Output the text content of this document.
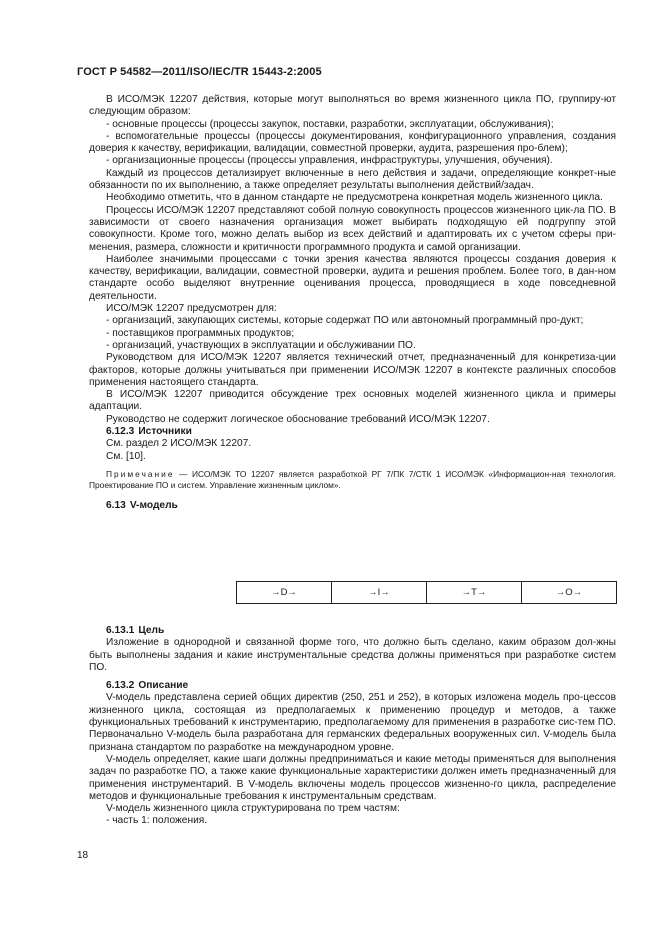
ГОСТ Р 54582—2011/ISO/IEC/TR 15443-2:2005

В ИСО/МЭК 12207 действия, которые могут выполняться во время жизненного цикла ПО, группиру-ют следующим образом:

- основные процессы (процессы закупок, поставки, разработки, эксплуатации, обслуживания);

- вспомогательные процессы (процессы документирования, конфигурационного управления, создания доверия к качеству, верификации, валидации, совместной проверки, аудита, разрешения про-блем);

- организационные процессы (процессы управления, инфраструктуры, улучшения, обучения).

Каждый из процессов детализирует включенные в него действия и задачи, определяющие конкрет-ные обязанности по их выполнению, а также определяет результаты выполнения действий/задач.

Необходимо отметить, что в данном стандарте не предусмотрена конкретная модель жизненного цикла.

Процессы ИСО/МЭК 12207 представляют собой полную совокупность процессов жизненного цик-ла ПО. В зависимости от своего назначения организация может выбирать подходящую ей подгруппу этой совокупности. Кроме того, можно делать выбор из всех действий и адаптировать их с учетом сферы при-менения, размера, сложности и критичности программного продукта и самой организации.

Наиболее значимыми процессами с точки зрения качества являются процессы создания доверия к качеству, верификации, валидации, совместной проверки, аудита и решения проблем. Более того, в дан-ном стандарте особо выделяют внутренние оценивания процесса, проводящиеся в ходе повседневной деятельности.

ИСО/МЭК 12207 предусмотрен для:

- организаций, закупающих системы, которые содержат ПО или автономный программный про-дукт;

- поставщиков программных продуктов;

- организаций, участвующих в эксплуатации и обслуживании ПО.

Руководством для ИСО/МЭК 12207 является технический отчет, предназначенный для конкретиза-ции факторов, которые должны учитываться при применении ИСО/МЭК 12207 в контексте различных способов применения настоящего стандарта.

В ИСО/МЭК 12207 приводится обсуждение трех основных моделей жизненного цикла и примеры адаптации.

Руководство не содержит логическое обоснование требований ИСО/МЭК 12207.

6.12.3 Источники

См. раздел 2 ИСО/МЭК 12207.

См. [10].

Примечание — ИСО/МЭК ТО 12207 является разработкой РГ 7/ПК 7/СТК 1 ИСО/МЭК «Информацион-ная технология. Проектирование ПО и систем. Управление жизненным циклом».

6.13 V-модель

→D→	→I→	→T→	→O→

6.13.1 Цель

Изложение в однородной и связанной форме того, что должно быть сделано, каким образом дол-жны быть выполнены задания и какие инструментальные средства должны применяться при разработке систем ПО.

6.13.2 Описание

V-модель представлена серией общих директив (250, 251 и 252), в которых изложена модель про-цессов жизненного цикла, состоящая из предполагаемых к применению процедур и методов, а также функциональных требований к инструментарию, предполагаемому для применения в разработке сис-тем ПО. Первоначально V-модель была разработана для германских федеральных вооруженных сил. V-модель была признана стандартом по разработке на международном уровне.

V-модель определяет, какие шаги должны предприниматься и какие методы применяться для выполнения задач по разработке ПО, а также какие функциональные характеристики должен иметь предназначенный для применения инструментарий. В V-модель включены модель процессов жизненно-го цикла, распределение методов и функциональные требования к инструментальным средствам.

V-модель жизненного цикла структурирована по трем частям:

- часть 1: положения.

18
